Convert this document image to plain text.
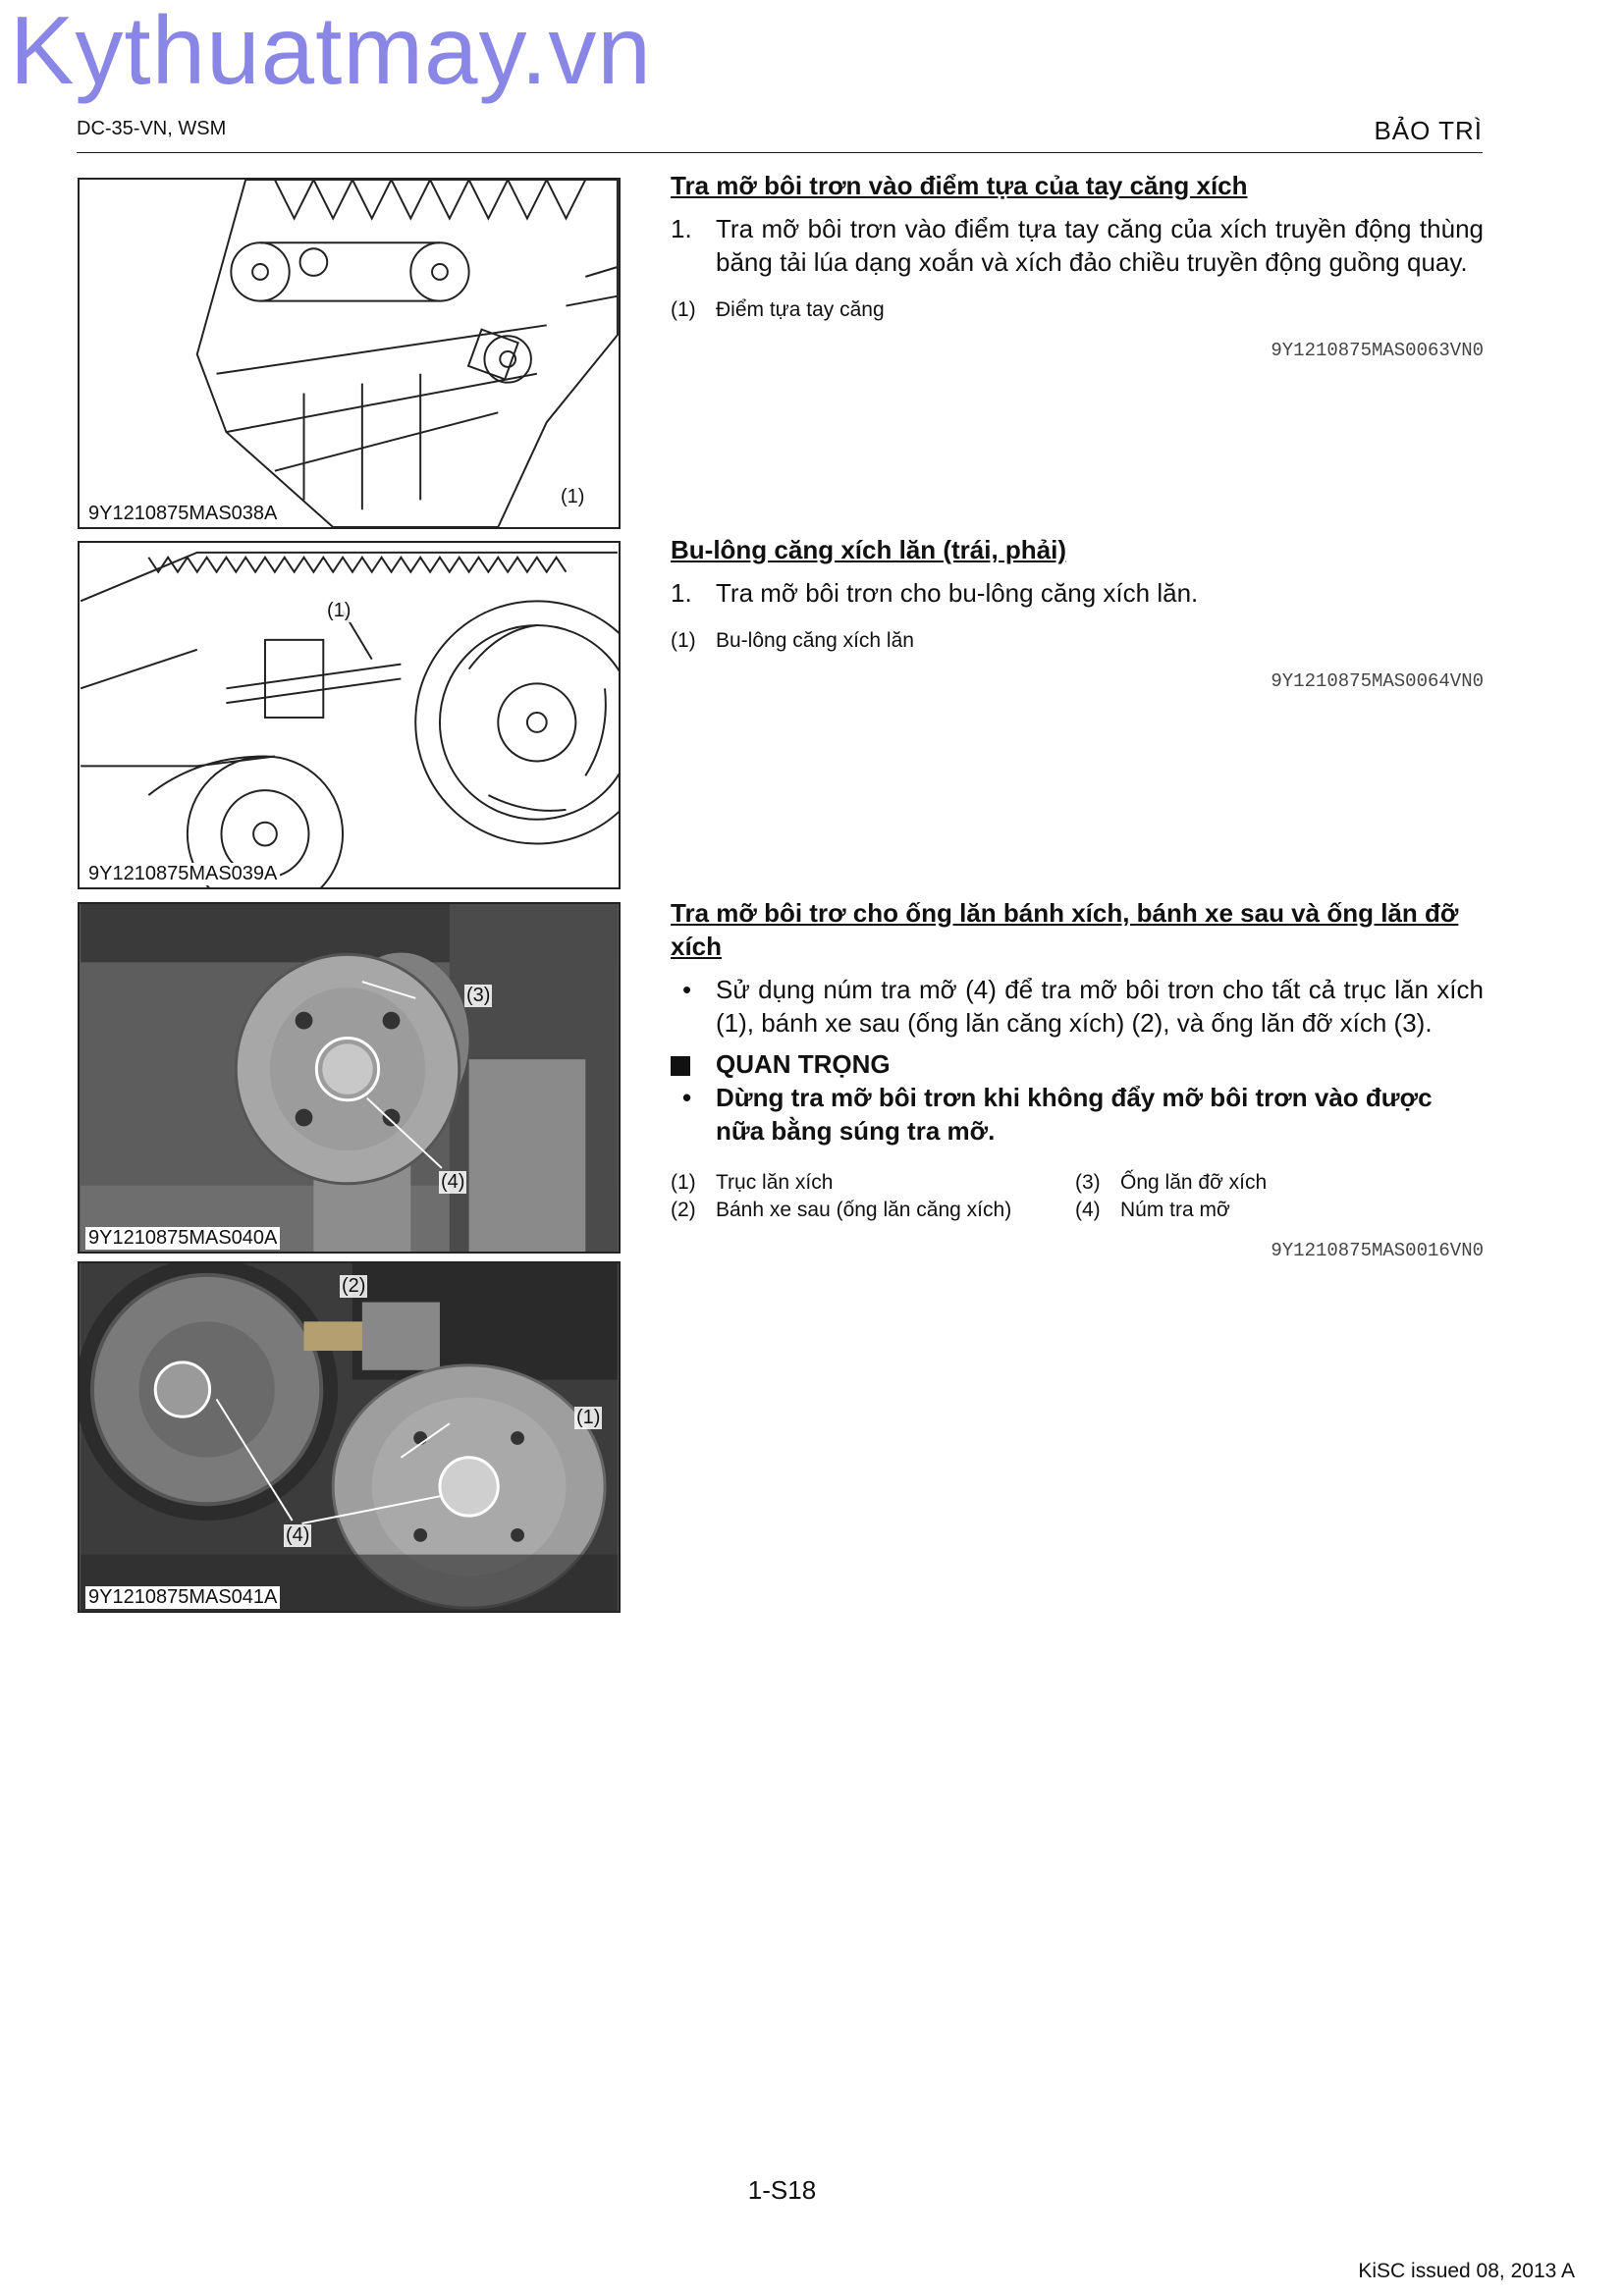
Kythuatmay.vn
DC-35-VN, WSM	BẢO TRÌ
(1)
9Y1210875MAS038A
(1)
9Y1210875MAS039A
(3)
(4)
9Y1210875MAS040A
(2)
(1)
(4)
9Y1210875MAS041A
Tra mỡ bôi trơn vào điểm tựa của tay căng xích
1. Tra mỡ bôi trơn vào điểm tựa tay căng của xích truyền động thùng băng tải lúa dạng xoắn và xích đảo chiều truyền động guồng quay.
(1) Điểm tựa tay căng
9Y1210875MAS0063VN0
Bu-lông căng xích lăn (trái, phải)
1. Tra mỡ bôi trơn cho bu-lông căng xích lăn.
(1) Bu-lông căng xích lăn
9Y1210875MAS0064VN0
Tra mỡ bôi trơ cho ống lăn bánh xích, bánh xe sau và ống lăn đỡ xích
• Sử dụng núm tra mỡ (4) để tra mỡ bôi trơn cho tất cả trục lăn xích (1), bánh xe sau (ống lăn căng xích) (2), và ống lăn đỡ xích (3).
QUAN TRỌNG
• Dừng tra mỡ bôi trơn khi không đẩy mỡ bôi trơn vào được nữa bằng súng tra mỡ.
(1) Trục lăn xích	(3) Ống lăn đỡ xích
(2) Bánh xe sau (ống lăn căng xích)	(4) Núm tra mỡ
9Y1210875MAS0016VN0
1-S18
KiSC issued 08, 2013 A
